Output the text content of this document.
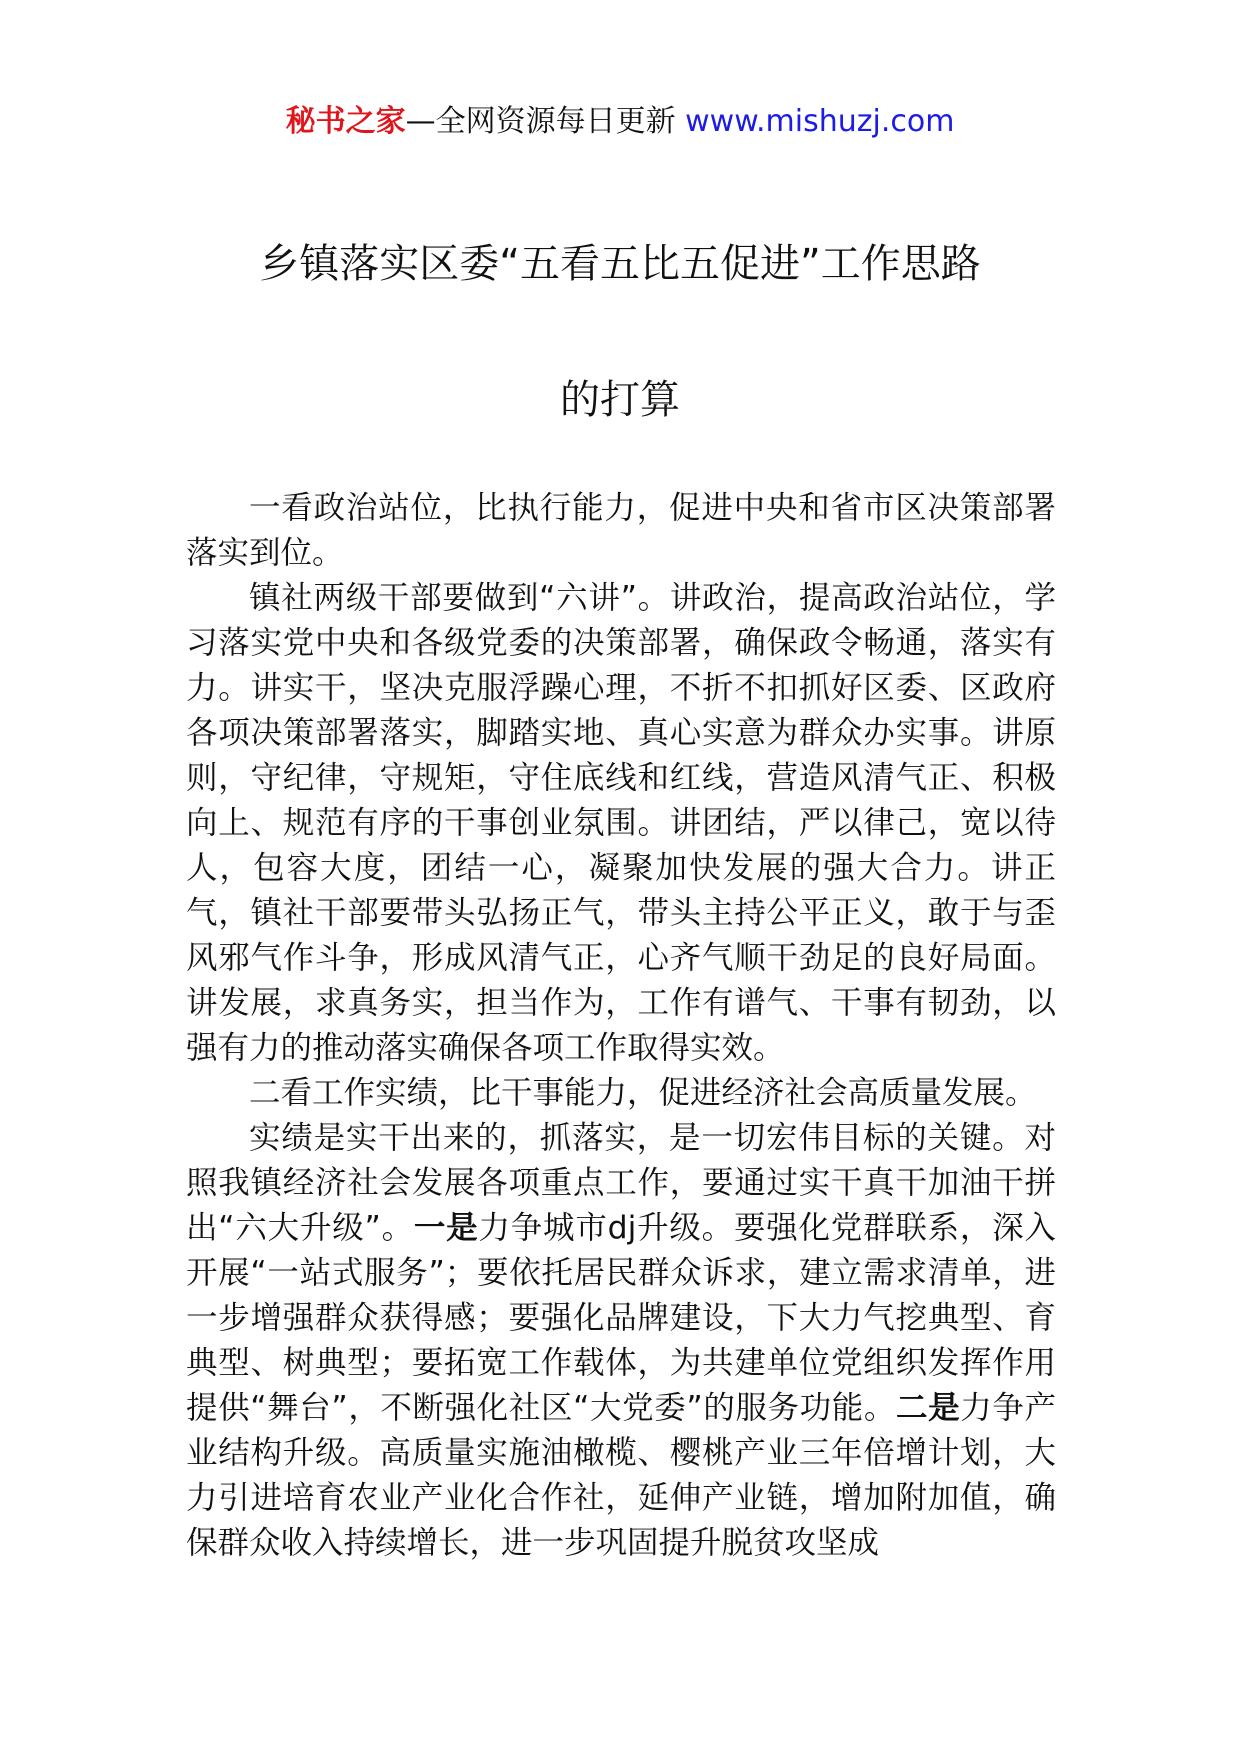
秘书之家—全网资源每日更新 www.mishuzj.com
乡镇落实区委“五看五比五促进”工作思路
的打算

一看政治站位，比执行能力，促进中央和省市区决策部署落实到位。

镇社两级干部要做到“六讲”。讲政治，提高政治站位，学习落实党中央和各级党委的决策部署，确保政令畅通，落实有力。讲实干，坚决克服浮躁心理，不折不扣抓好区委、区政府各项决策部署落实，脚踏实地、真心实意为群众办实事。讲原则，守纪律，守规矩，守住底线和红线，营造风清气正、积极向上、规范有序的干事创业氛围。讲团结，严以律己，宽以待人，包容大度，团结一心，凝聚加快发展的强大合力。讲正气，镇社干部要带头弘扬正气，带头主持公平正义，敢于与歪风邪气作斗争，形成风清气正，心齐气顺干劲足的良好局面。讲发展，求真务实，担当作为，工作有谱气、干事有韧劲，以强有力的推动落实确保各项工作取得实效。

二看工作实绩，比干事能力，促进经济社会高质量发展。

实绩是实干出来的，抓落实，是一切宏伟目标的关键。对照我镇经济社会发展各项重点工作，要通过实干真干加油干拼出“六大升级”。一是力争城市dj升级。要强化党群联系，深入开展“一站式服务”；要依托居民群众诉求，建立需求清单，进一步增强群众获得感；要强化品牌建设，下大力气挖典型、育典型、树典型；要拓宽工作载体，为共建单位党组织发挥作用提供“舞台”，不断强化社区“大党委”的服务功能。二是力争产业结构升级。高质量实施油橄榄、樱桃产业三年倍增计划，大力引进培育农业产业化合作社，延伸产业链，增加附加值，确保群众收入持续增长，进一步巩固提升脱贫攻坚成
